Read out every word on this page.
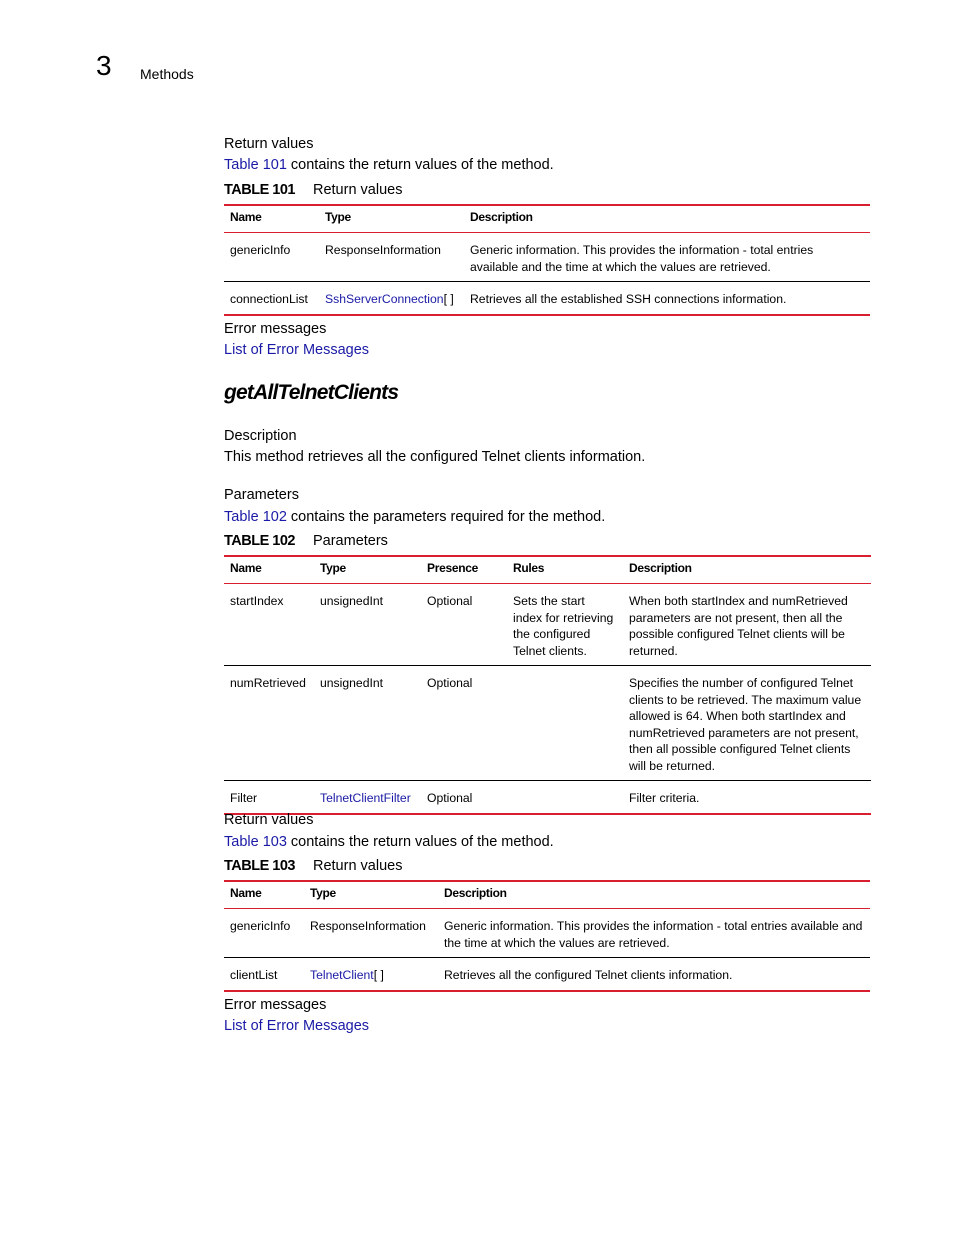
3 Methods
Return values
Table 101 contains the return values of the method.
TABLE 101 Return values
Name	Type	Description
genericInfo	ResponseInformation	Generic information. This provides the information - total entries available and the time at which the values are retrieved.
connectionList	SshServerConnection[ ]	Retrieves all the established SSH connections information.
Error messages
List of Error Messages
getAllTelnetClients
Description
This method retrieves all the configured Telnet clients information.
Parameters
Table 102 contains the parameters required for the method.
TABLE 102 Parameters
Name	Type	Presence	Rules	Description
startIndex	unsignedInt	Optional	Sets the start index for retrieving the configured Telnet clients.	When both startIndex and numRetrieved parameters are not present, then all the possible configured Telnet clients will be returned.
numRetrieved	unsignedInt	Optional		Specifies the number of configured Telnet clients to be retrieved. The maximum value allowed is 64. When both startIndex and numRetrieved parameters are not present, then all possible configured Telnet clients will be returned.
Filter	TelnetClientFilter	Optional		Filter criteria.
Return values
Table 103 contains the return values of the method.
TABLE 103 Return values
Name	Type	Description
genericInfo	ResponseInformation	Generic information. This provides the information - total entries available and the time at which the values are retrieved.
clientList	TelnetClient[ ]	Retrieves all the configured Telnet clients information.
Error messages
List of Error Messages
